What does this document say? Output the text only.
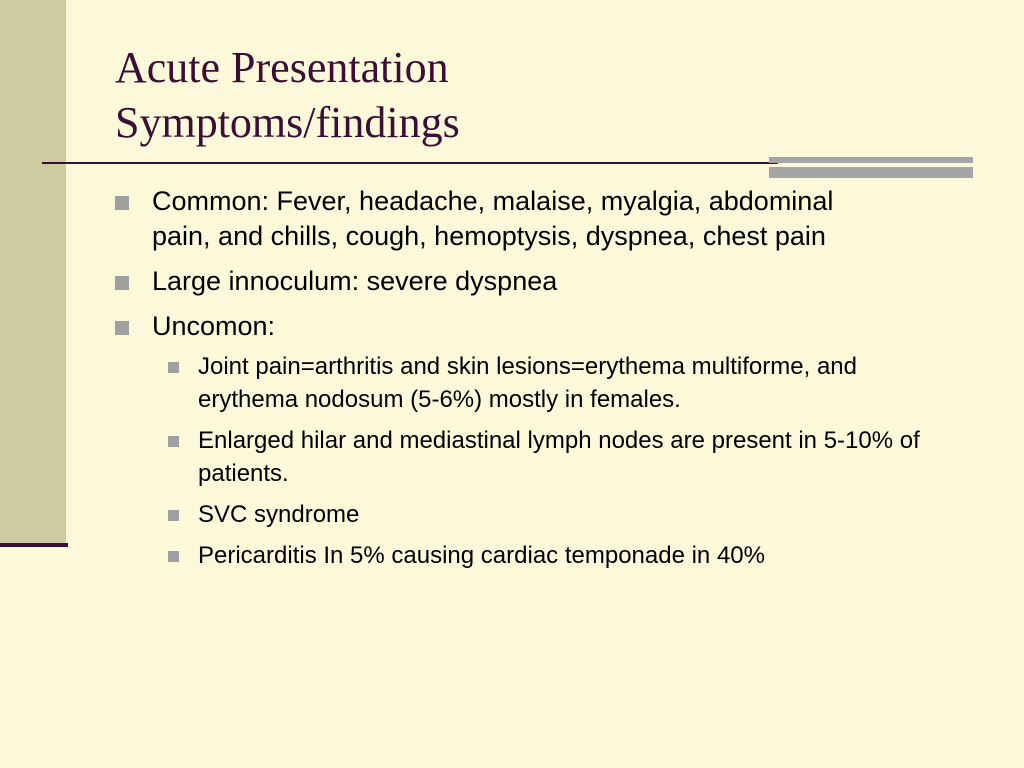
Acute Presentation
Symptoms/findings
Common: Fever, headache, malaise, myalgia, abdominal pain, and chills, cough, hemoptysis, dyspnea, chest pain
Large innoculum: severe dyspnea
Uncomon:
Joint pain=arthritis and skin lesions=erythema multiforme, and erythema nodosum (5-6%) mostly in females.
Enlarged hilar and mediastinal lymph nodes are present in 5-10% of patients.
SVC syndrome
Pericarditis In 5% causing cardiac temponade in 40%
